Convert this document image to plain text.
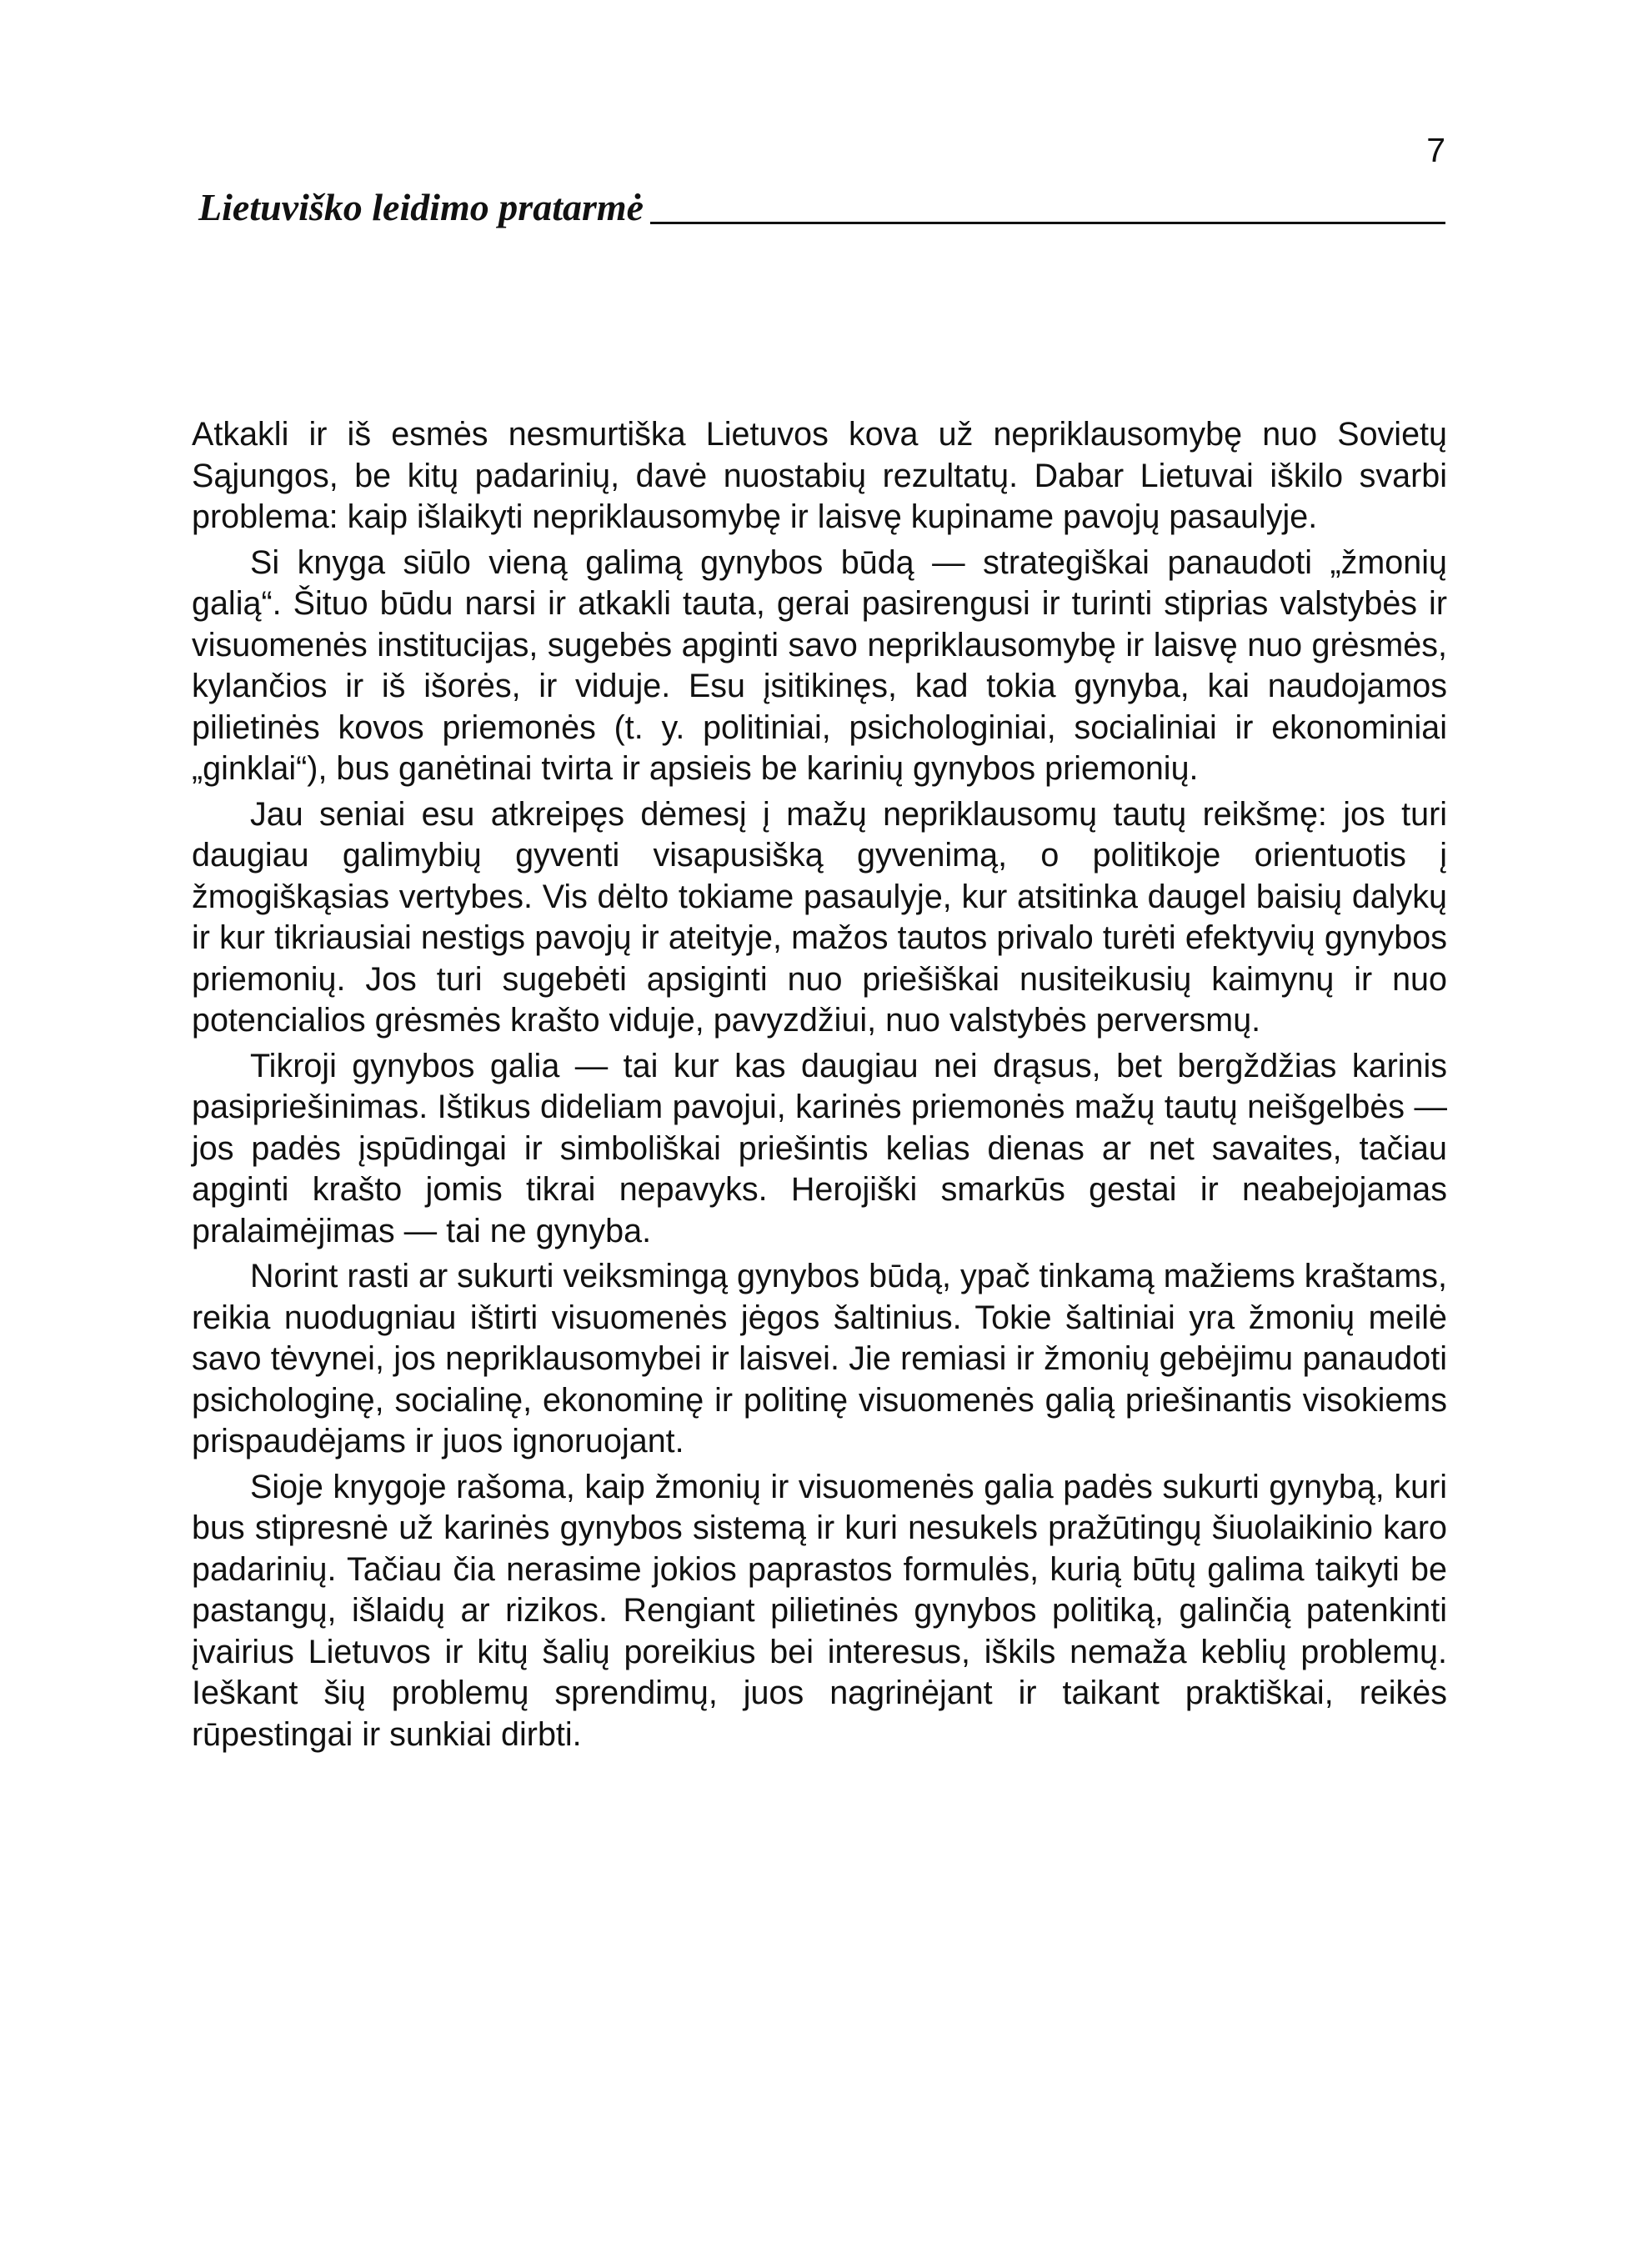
7
Lietuviško leidimo pratarmė

Atkakli ir iš esmės nesmurtiška Lietuvos kova už nepriklausomybę nuo Sovietų Sąjungos, be kitų padarinių, davė nuostabių rezultatų. Dabar Lietuvai iškilo svarbi problema: kaip išlaikyti nepriklausomybę ir laisvę kupiname pavojų pasaulyje.

Si knyga siūlo vieną galimą gynybos būdą — strategiškai panaudoti „žmonių galią“. Šituo būdu narsi ir atkakli tauta, gerai pasirengusi ir turinti stiprias valstybės ir visuomenės institucijas, sugebės apginti savo nepriklausomybę ir laisvę nuo grėsmės, kylančios ir iš išorės, ir viduje. Esu įsitikinęs, kad tokia gynyba, kai naudojamos pilietinės kovos priemonės (t. y. politiniai, psichologiniai, socialiniai ir ekonominiai „ginklai“), bus ganėtinai tvirta ir apsieis be karinių gynybos priemonių.

Jau seniai esu atkreipęs dėmesį į mažų nepriklausomų tautų reikšmę: jos turi daugiau galimybių gyventi visapusišką gyvenimą, o politikoje orientuotis į žmogiškąsias vertybes. Vis dėlto tokiame pasaulyje, kur atsitinka daugel baisių dalykų ir kur tikriausiai nestigs pavojų ir ateityje, mažos tautos privalo turėti efektyvių gynybos priemonių. Jos turi sugebėti apsiginti nuo priešiškai nusiteikusių kaimynų ir nuo potencialios grėsmės krašto viduje, pavyzdžiui, nuo valstybės perversmų.

Tikroji gynybos galia — tai kur kas daugiau nei drąsus, bet bergždžias karinis pasipriešinimas. Ištikus dideliam pavojui, karinės priemonės mažų tautų neišgelbės — jos padės įspūdingai ir simboliškai priešintis kelias dienas ar net savaites, tačiau apginti krašto jomis tikrai nepavyks. Herojiški smarkūs gestai ir neabejojamas pralaimėjimas — tai ne gynyba.

Norint rasti ar sukurti veiksmingą gynybos būdą, ypač tinkamą mažiems kraštams, reikia nuodugniau ištirti visuomenės jėgos šaltinius. Tokie šaltiniai yra žmonių meilė savo tėvynei, jos nepriklausomybei ir laisvei. Jie remiasi ir žmonių gebėjimu panaudoti psichologinę, socialinę, ekonominę ir politinę visuomenės galią priešinantis visokiems prispaudėjams ir juos ignoruojant.

Sioje knygoje rašoma, kaip žmonių ir visuomenės galia padės sukurti gynybą, kuri bus stipresnė už karinės gynybos sistemą ir kuri nesukels pražūtingų šiuolaikinio karo padarinių. Tačiau čia nerasime jokios paprastos formulės, kurią būtų galima taikyti be pastangų, išlaidų ar rizikos. Rengiant pilietinės gynybos politiką, galinčią patenkinti įvairius Lietuvos ir kitų šalių poreikius bei interesus, iškils nemaža keblių problemų. Ieškant šių problemų sprendimų, juos nagrinėjant ir taikant praktiškai, reikės rūpestingai ir sunkiai dirbti.
